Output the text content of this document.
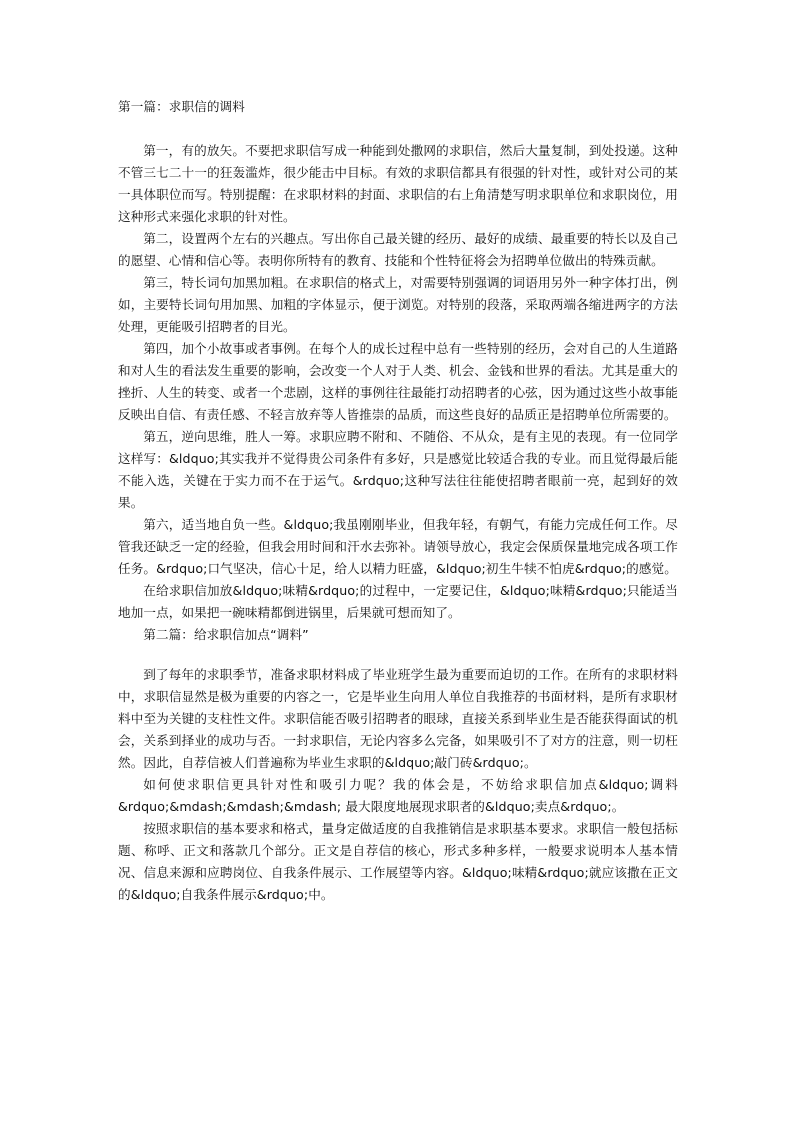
第一篇：求职信的调料

第一，有的放矢。不要把求职信写成一种能到处撒网的求职信，然后大量复制，到处投递。这种不管三七二十一的狂轰滥炸，很少能击中目标。有效的求职信都具有很强的针对性，或针对公司的某一具体职位而写。特别提醒：在求职材料的封面、求职信的右上角清楚写明求职单位和求职岗位，用这种形式来强化求职的针对性。

第二，设置两个左右的兴趣点。写出你自己最关键的经历、最好的成绩、最重要的特长以及自己的愿望、心情和信心等。表明你所特有的教育、技能和个性特征将会为招聘单位做出的特殊贡献。

第三，特长词句加黑加粗。在求职信的格式上，对需要特别强调的词语用另外一种字体打出，例如，主要特长词句用加黑、加粗的字体显示，便于浏览。对特别的段落，采取两端各缩进两字的方法处理，更能吸引招聘者的目光。

第四，加个小故事或者事例。在每个人的成长过程中总有一些特别的经历，会对自己的人生道路和对人生的看法发生重要的影响，会改变一个人对于人类、机会、金钱和世界的看法。尤其是重大的挫折、人生的转变、或者一个悲剧，这样的事例往往最能打动招聘者的心弦，因为通过这些小故事能反映出自信、有责任感、不轻言放弃等人皆推崇的品质，而这些良好的品质正是招聘单位所需要的。

第五，逆向思维，胜人一筹。求职应聘不附和、不随俗、不从众，是有主见的表现。有一位同学这样写：&ldquo;其实我并不觉得贵公司条件有多好，只是感觉比较适合我的专业。而且觉得最后能不能入选，关键在于实力而不在于运气。&rdquo;这种写法往往能使招聘者眼前一亮，起到好的效果。

第六，适当地自负一些。&ldquo;我虽刚刚毕业，但我年轻，有朝气，有能力完成任何工作。尽管我还缺乏一定的经验，但我会用时间和汗水去弥补。请领导放心，我定会保质保量地完成各项工作任务。&rdquo;口气坚决，信心十足，给人以精力旺盛，&ldquo;初生牛犊不怕虎&rdquo;的感觉。

在给求职信加放&ldquo;味精&rdquo;的过程中，一定要记住，&ldquo;味精&rdquo;只能适当地加一点，如果把一碗味精都倒进锅里，后果就可想而知了。

第二篇：给求职信加点“调料”

到了每年的求职季节，准备求职材料成了毕业班学生最为重要而迫切的工作。在所有的求职材料中，求职信显然是极为重要的内容之一，它是毕业生向用人单位自我推荐的书面材料，是所有求职材料中至为关键的支柱性文件。求职信能否吸引招聘者的眼球，直接关系到毕业生是否能获得面试的机会，关系到择业的成功与否。一封求职信，无论内容多么完备，如果吸引不了对方的注意，则一切枉然。因此，自荐信被人们普遍称为毕业生求职的&ldquo;敲门砖&rdquo;。

如何使求职信更具针对性和吸引力呢？我的体会是，不妨给求职信加点&ldquo;调料&rdquo;&mdash;&mdash;&mdash; 最大限度地展现求职者的&ldquo;卖点&rdquo;。

按照求职信的基本要求和格式，量身定做适度的自我推销信是求职基本要求。求职信一般包括标题、称呼、正文和落款几个部分。正文是自荐信的核心，形式多种多样，一般要求说明本人基本情况、信息来源和应聘岗位、自我条件展示、工作展望等内容。&ldquo;味精&rdquo;就应该撒在正文的&ldquo;自我条件展示&rdquo;中。
